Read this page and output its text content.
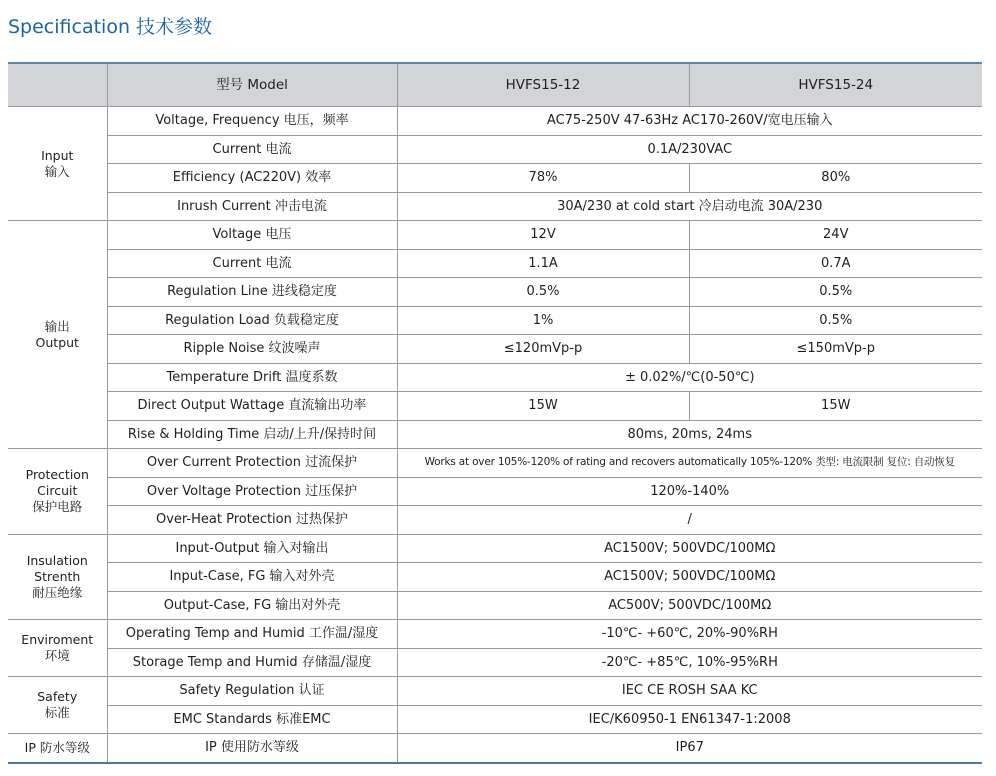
Specification 技术参数
	型号 Model	HVFS15-12	HVFS15-24

Input
输入	Voltage, Frequency 电压，频率	AC75-250V 47-63Hz AC170-260V/宽电压输入	
	Current 电流	0.1A/230VAC	
	Efficiency (AC220V) 效率	78%	80%
	Inrush Current 冲击电流	30A/230 at cold start 冷启动电流 30A/230	

输出
Output	Voltage 电压	12V	24V
	Current 电流	1.1A	0.7A
	Regulation Line 进线稳定度	0.5%	0.5%
	Regulation Load 负载稳定度	1%	0.5%
	Ripple Noise 纹波噪声	≤120mVp-p	≤150mVp-p
	Temperature Drift 温度系数	± 0.02%/℃(0-50℃)	
	Direct Output Wattage 直流输出功率	15W	15W
	Rise & Holding Time 启动/上升/保持时间	80ms, 20ms, 24ms	

Protection
Circuit
保护电路	Over Current Protection 过流保护	Works at over 105%-120% of rating and recovers automatically 105%-120% 类型: 电流限制 复位: 自动恢复	
	Over Voltage Protection 过压保护	120%-140%	
	Over-Heat Protection 过热保护	/	

Insulation
Strenth
耐压绝缘	Input-Output 输入对输出	AC1500V; 500VDC/100MΩ	
	Input-Case, FG 输入对外壳	AC1500V; 500VDC/100MΩ	
	Output-Case, FG 输出对外壳	AC500V; 500VDC/100MΩ	

Enviroment
环境	Operating Temp and Humid 工作温/湿度	-10℃- +60℃, 20%-90%RH	
	Storage Temp and Humid 存储温/湿度	-20℃- +85℃, 10%-95%RH	

Safety
标准	Safety Regulation 认证	IEC CE ROSH SAA KC	
	EMC Standards 标准EMC	IEC/K60950-1 EN61347-1:2008	

IP 防水等级	IP 使用防水等级	IP67	
